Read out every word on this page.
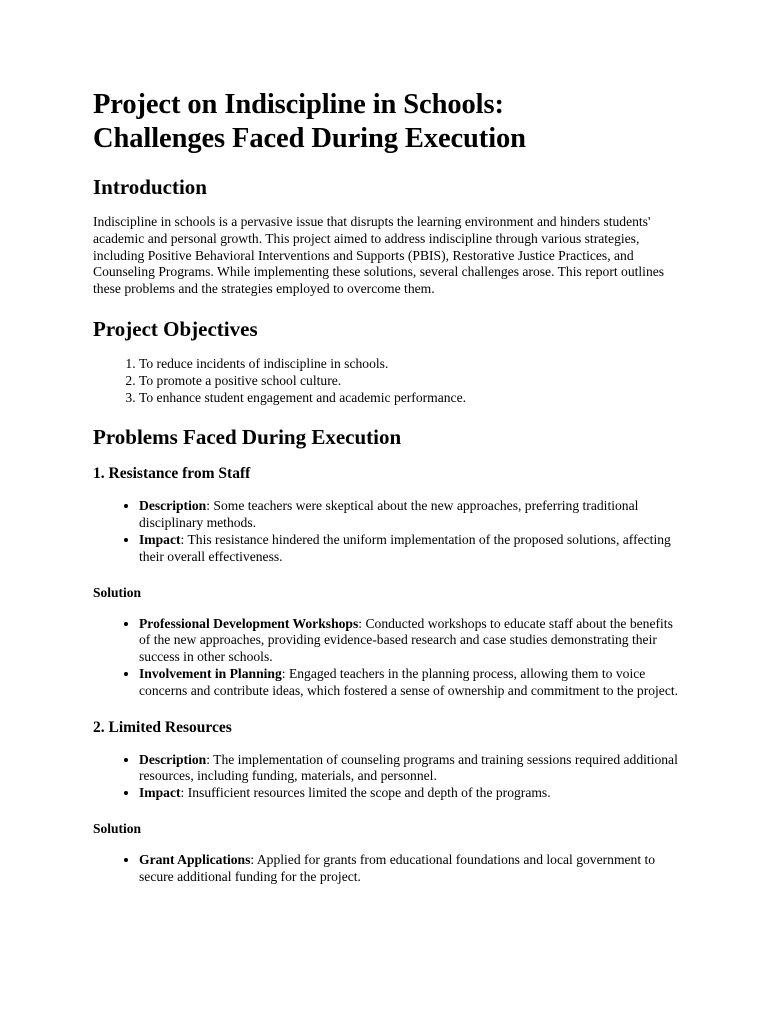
Project on Indiscipline in Schools:
Challenges Faced During Execution
Introduction

Indiscipline in schools is a pervasive issue that disrupts the learning environment and hinders students' academic and personal growth. This project aimed to address indiscipline through various strategies, including Positive Behavioral Interventions and Supports (PBIS), Restorative Justice Practices, and Counseling Programs. While implementing these solutions, several challenges arose. This report outlines these problems and the strategies employed to overcome them.

Project Objectives
1. To reduce incidents of indiscipline in schools.
2. To promote a positive school culture.
3. To enhance student engagement and academic performance.
Problems Faced During Execution
1. Resistance from Staff
• Description: Some teachers were skeptical about the new approaches, preferring traditional disciplinary methods.
• Impact: This resistance hindered the uniform implementation of the proposed solutions, affecting their overall effectiveness.
Solution
• Professional Development Workshops: Conducted workshops to educate staff about the benefits of the new approaches, providing evidence-based research and case studies demonstrating their success in other schools.
• Involvement in Planning: Engaged teachers in the planning process, allowing them to voice concerns and contribute ideas, which fostered a sense of ownership and commitment to the project.
2. Limited Resources
• Description: The implementation of counseling programs and training sessions required additional resources, including funding, materials, and personnel.
• Impact: Insufficient resources limited the scope and depth of the programs.
Solution
• Grant Applications: Applied for grants from educational foundations and local government to secure additional funding for the project.
